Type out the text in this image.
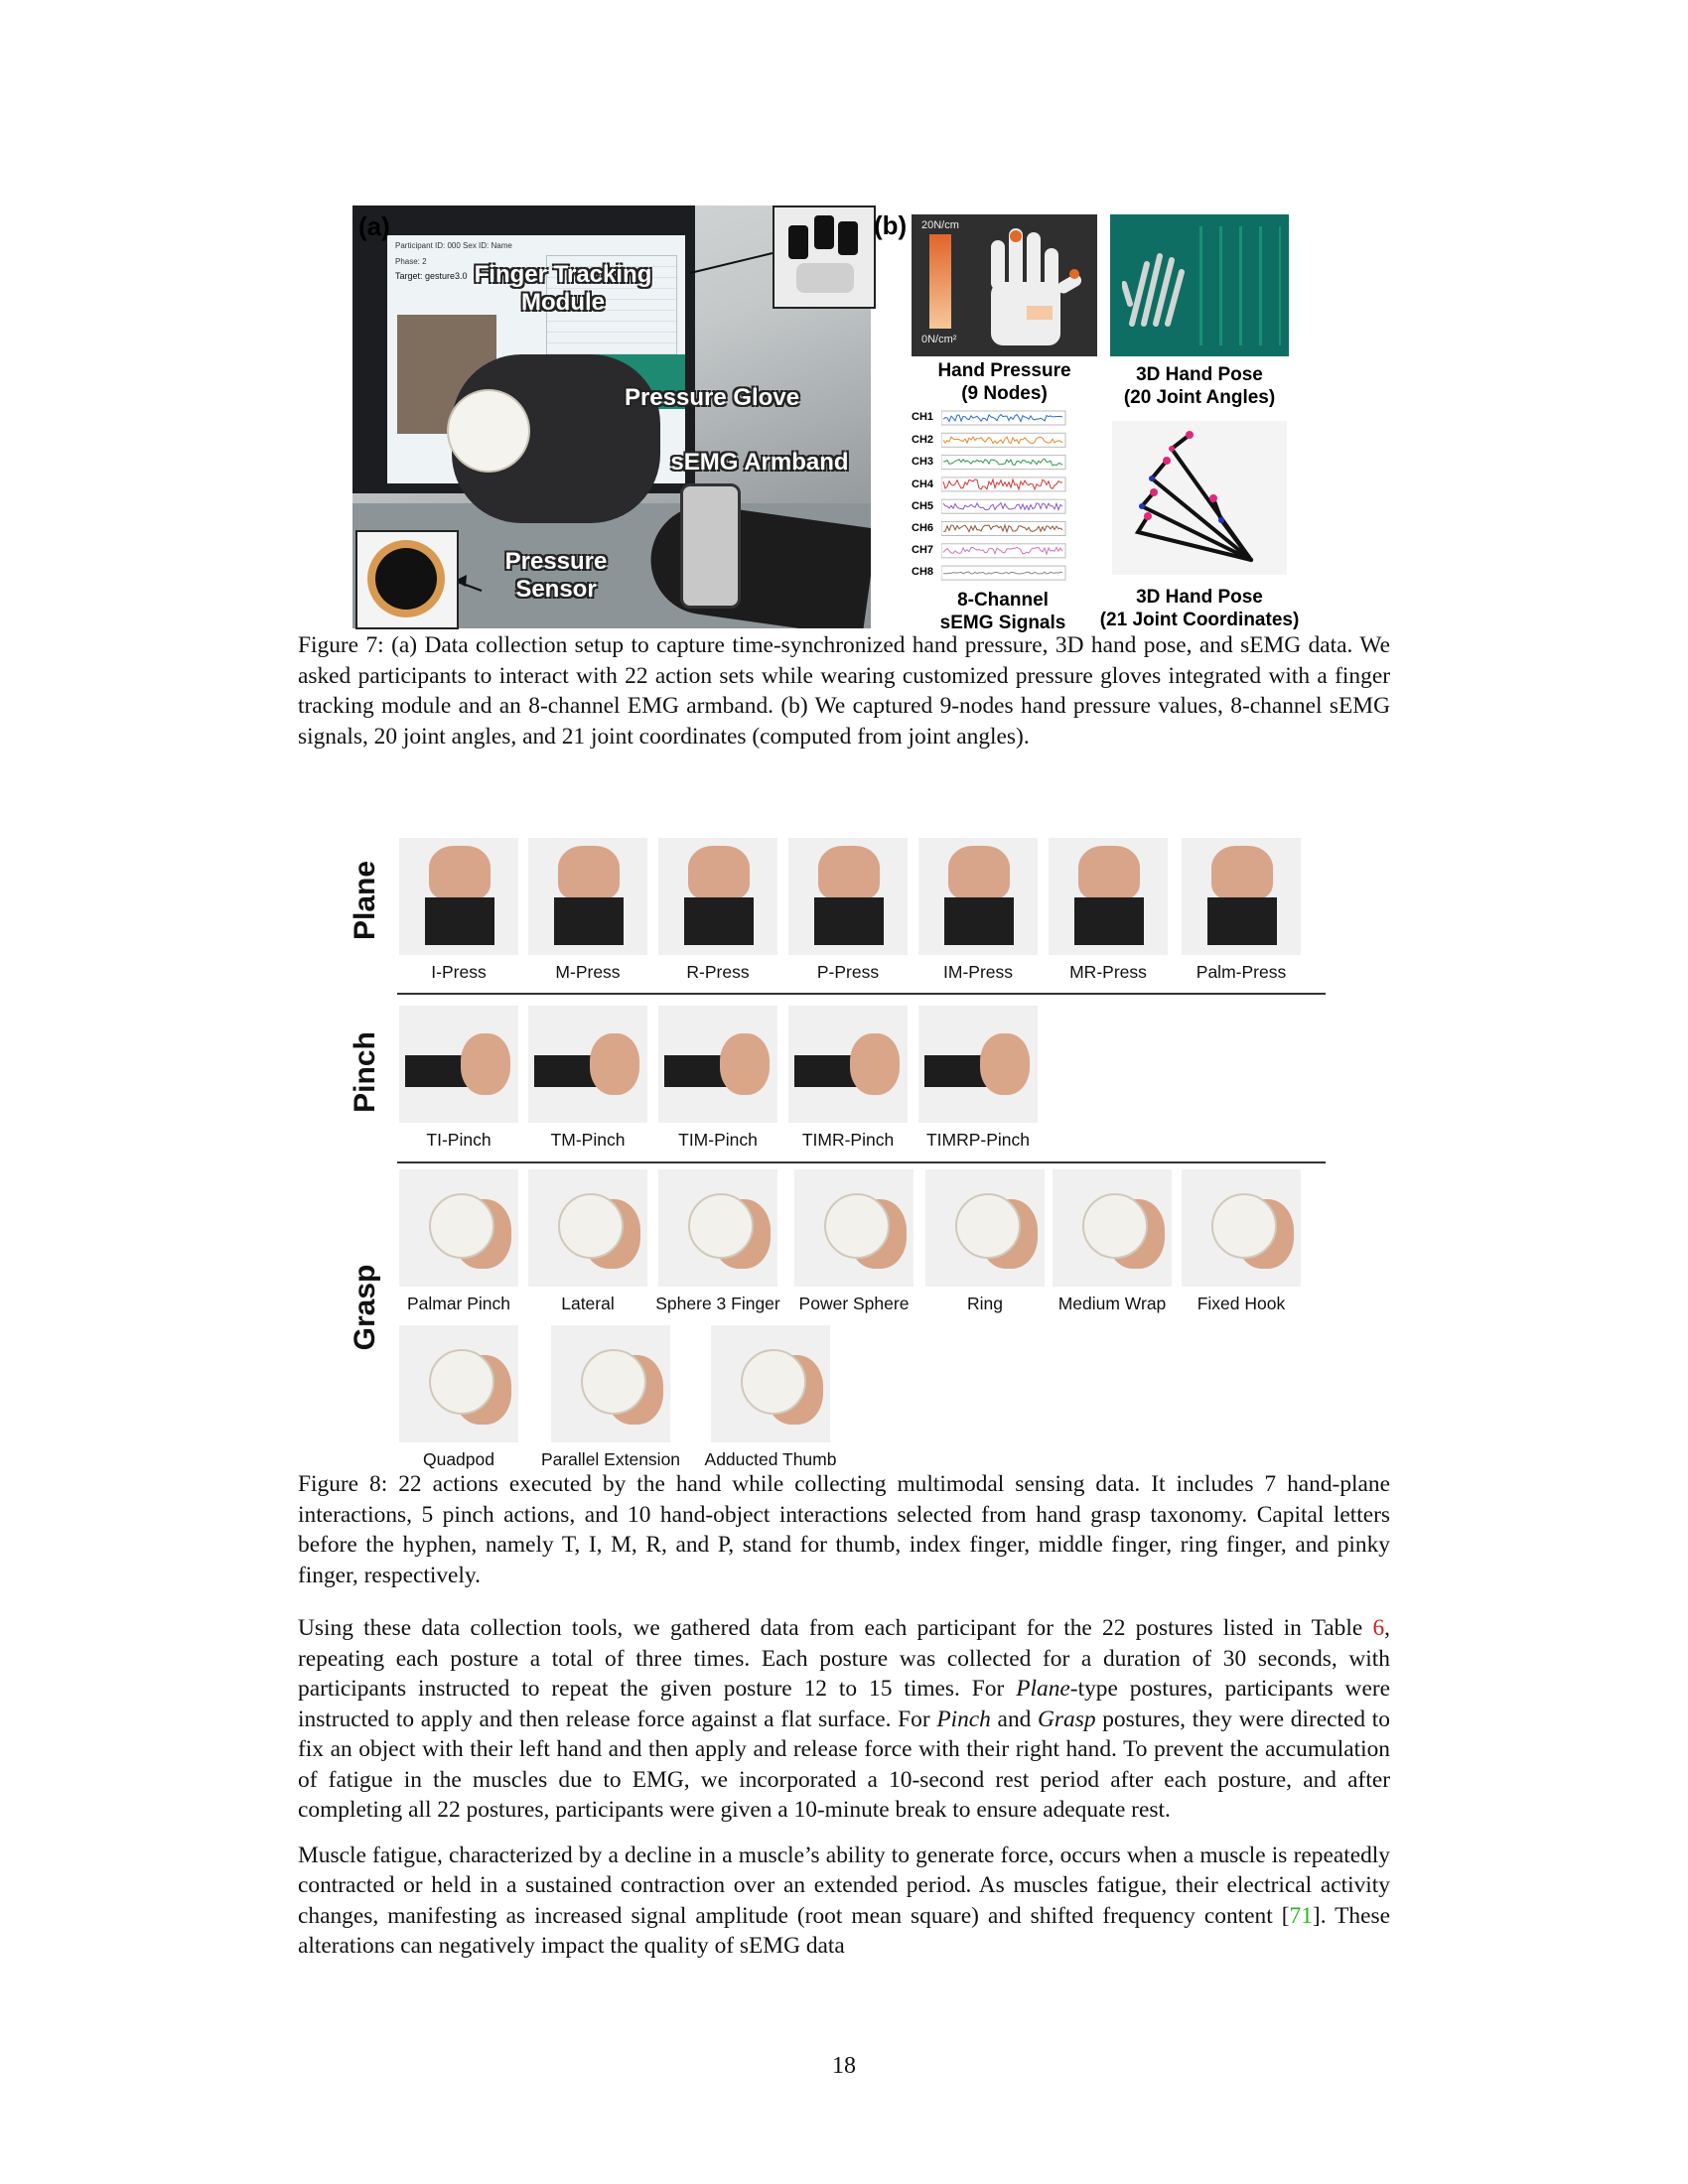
Participant ID: 000 Sex ID: Name
Phase: 2
Target: gesture3.0
(a)
Finger Tracking
Module
Pressure Glove
sEMG Armband
Pressure
Sensor
(b) 20N/cm
0N/cm²
Hand Pressure
(9 Nodes)
3D Hand Pose
(20 Joint Angles)
CH1
CH2
CH3
CH4
CH5
CH6
CH7
CH8
8-Channel
sEMG Signals
3D Hand Pose
(21 Joint Coordinates)

Figure 7: (a) Data collection setup to capture time-synchronized hand pressure, 3D hand pose, and sEMG data. We asked participants to interact with 22 action sets while wearing customized pressure gloves integrated with a finger tracking module and an 8-channel EMG armband. (b) We captured 9-nodes hand pressure values, 8-channel sEMG signals, 20 joint angles, and 21 joint coordinates (computed from joint angles).

Plane
Pinch
Grasp
I-Press	M-Press	R-Press	P-Press	IM-Press	MR-Press	Palm-Press
TI-Pinch	TM-Pinch	TIM-Pinch	TIMR-Pinch	TIMRP-Pinch
Palmar Pinch	Lateral	Sphere 3 Finger	Power Sphere	Ring	Medium Wrap	Fixed Hook
Quadpod	Parallel Extension	Adducted Thumb

Figure 8: 22 actions executed by the hand while collecting multimodal sensing data. It includes 7 hand-plane interactions, 5 pinch actions, and 10 hand-object interactions selected from hand grasp taxonomy. Capital letters before the hyphen, namely T, I, M, R, and P, stand for thumb, index finger, middle finger, ring finger, and pinky finger, respectively.

Using these data collection tools, we gathered data from each participant for the 22 postures listed in Table 6, repeating each posture a total of three times. Each posture was collected for a duration of 30 seconds, with participants instructed to repeat the given posture 12 to 15 times. For Plane-type postures, participants were instructed to apply and then release force against a flat surface. For Pinch and Grasp postures, they were directed to fix an object with their left hand and then apply and release force with their right hand. To prevent the accumulation of fatigue in the muscles due to EMG, we incorporated a 10-second rest period after each posture, and after completing all 22 postures, participants were given a 10-minute break to ensure adequate rest.

Muscle fatigue, characterized by a decline in a muscle’s ability to generate force, occurs when a muscle is repeatedly contracted or held in a sustained contraction over an extended period. As muscles fatigue, their electrical activity changes, manifesting as increased signal amplitude (root mean square) and shifted frequency content [71]. These alterations can negatively impact the quality of sEMG data

18
